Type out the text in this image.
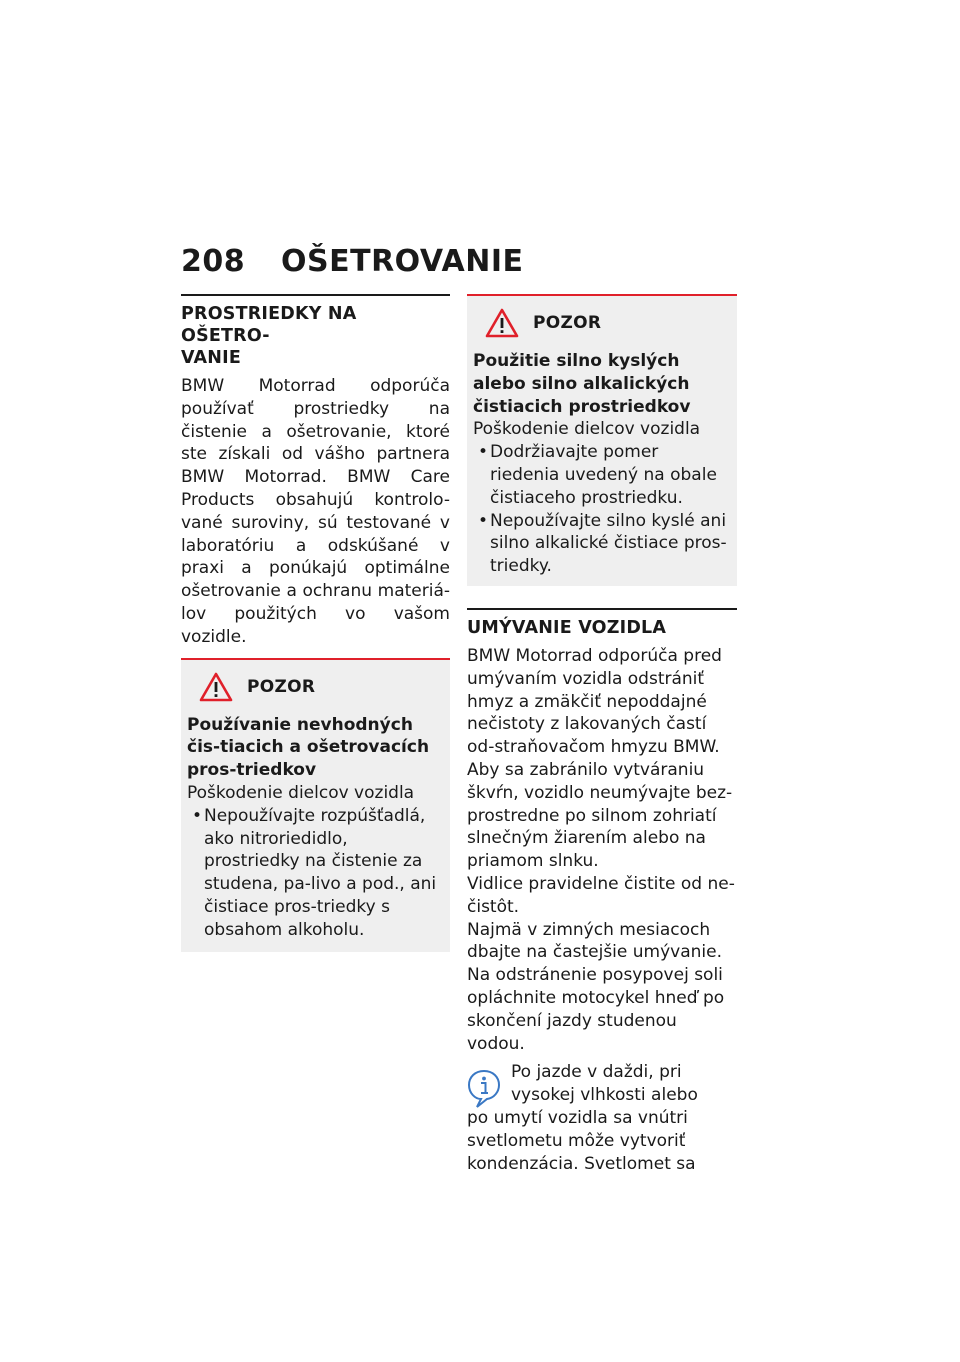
208	OŠETROVANIE
PROSTRIEDKY NA OŠETRO-
VANIE

BMW Motorrad odporúča používať prostriedky na čistenie a ošetrovanie, ktoré ste získali od vášho partnera BMW Motorrad. BMW Care Products obsahujú kontrolo-vané suroviny, sú testované v laboratóriu a odskúšané v praxi a ponúkajú optimálne ošetrovanie a ochranu materiá-lov použitých vo vašom vozidle.

POZOR

Používanie nevhodných čis-tiacich a ošetrovacích pros-triedkov

Poškodenie dielcov vozidla

• Nepoužívajte rozpúšťadlá, ako nitroriedidlo, prostriedky na čistenie za studena, pa-livo a pod., ani čistiace pros-triedky s obsahom alkoholu.
POZOR

Použitie silno kyslých alebo silno alkalických čistiacich prostriedkov

Poškodenie dielcov vozidla

• Dodržiavajte pomer riedenia uvedený na obale čistiaceho prostriedku.
• Nepoužívajte silno kyslé ani silno alkalické čistiace pros-triedky.
UMÝVANIE VOZIDLA

BMW Motorrad odporúča pred umývaním vozidla odstrániť hmyz a zmäkčiť nepoddajné nečistoty z lakovaných častí od-straňovačom hmyzu BMW.

Aby sa zabránilo vytváraniu škvŕn, vozidlo neumývajte bez-prostredne po silnom zohriatí slnečným žiarením alebo na priamom slnku.

Vidlice pravidelne čistite od ne-čistôt.

Najmä v zimných mesiacoch dbajte na častejšie umývanie.

Na odstránenie posypovej soli opláchnite motocykel hneď po skončení jazdy studenou vodou.

Po jazde v daždi, pri
vysokej vlhkosti alebo
po umytí vozidla sa vnútri
svetlometu môže vytvoriť
kondenzácia. Svetlomet sa
